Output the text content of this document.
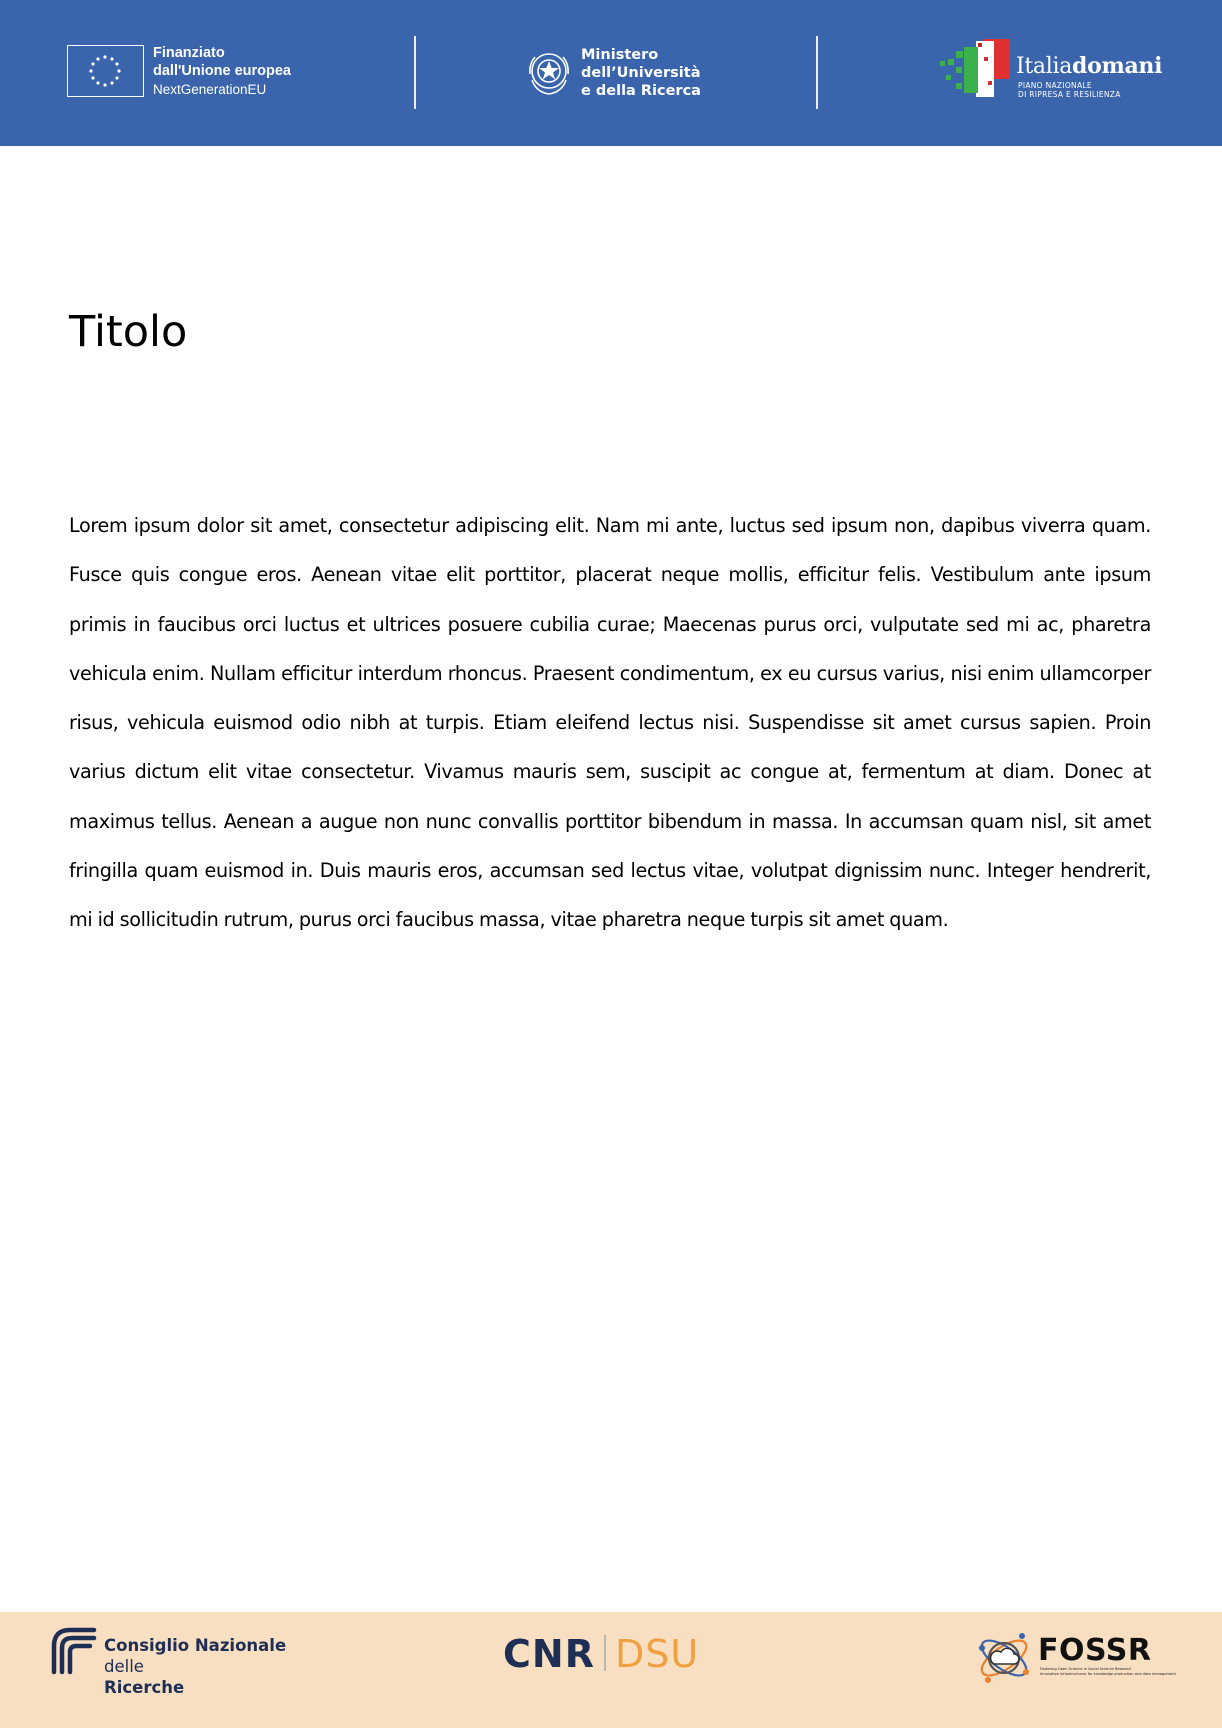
Finanziato
dall'Unione europea
NextGenerationEU
Ministero
dell’Università
e della Ricerca
Italiadomani
PIANO NAZIONALE
DI RIPRESA E RESILIENZA
Titolo

Lorem ipsum dolor sit amet, consectetur adipiscing elit. Nam mi ante, luctus sed ipsum non, dapibus viverra quam. Fusce quis congue eros. Aenean vitae elit porttitor, placerat neque mollis, efficitur felis. Vestibulum ante ipsum primis in faucibus orci luctus et ultrices posuere cubilia curae; Maecenas purus orci, vulputate sed mi ac, pharetra vehicula enim. Nullam efficitur interdum rhoncus. Praesent condimentum, ex eu cursus varius, nisi enim ullamcorper risus, vehicula euismod odio nibh at turpis. Etiam eleifend lectus nisi. Suspendisse sit amet cursus sapien. Proin varius dictum elit vitae consectetur. Vivamus mauris sem, suscipit ac congue at, fermentum at diam. Donec at maximus tellus. Aenean a augue non nunc convallis porttitor bibendum in massa. In accumsan quam nisl, sit amet fringilla quam euismod in. Duis mauris eros, accumsan sed lectus vitae, volutpat dignissim nunc. Integer hendrerit, mi id sollicitudin rutrum, purus orci faucibus massa, vitae pharetra neque turpis sit amet quam.

Consiglio Nazionale
delle
Ricerche
CNR DSU	FOSSR
Fostering Open Science in Social Science Research
Innovative infrastructures for knowledge production and data management
